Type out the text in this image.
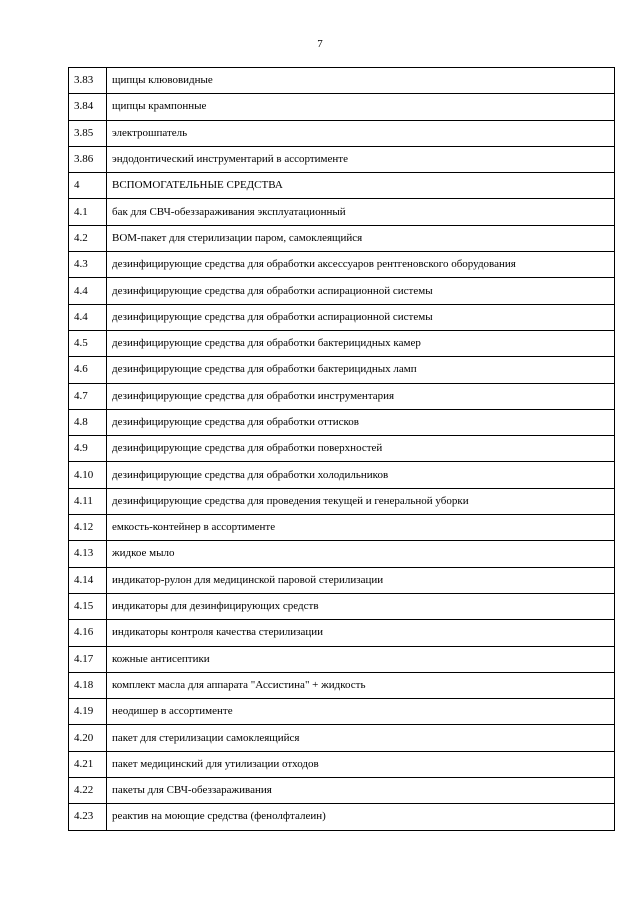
7
3.83	щипцы клювовидные
3.84	щипцы крампонные
3.85	электрошпатель
3.86	эндодонтический инструментарий в ассортименте
4	ВСПОМОГАТЕЛЬНЫЕ СРЕДСТВА
4.1	бак для СВЧ-обеззараживания эксплуатационный
4.2	ВОМ-пакет для стерилизации паром, самоклеящийся
4.3	дезинфицирующие средства для обработки аксессуаров рентгеновского оборудования
4.4	дезинфицирующие средства для обработки аспирационной системы
4.4	дезинфицирующие средства для обработки аспирационной системы
4.5	дезинфицирующие средства для обработки бактерицидных камер
4.6	дезинфицирующие средства для обработки бактерицидных ламп
4.7	дезинфицирующие средства для обработки инструментария
4.8	дезинфицирующие средства для обработки оттисков
4.9	дезинфицирующие средства для обработки поверхностей
4.10	дезинфицирующие средства для обработки холодильников
4.11	дезинфицирующие средства для проведения текущей и генеральной уборки
4.12	емкость-контейнер в ассортименте
4.13	жидкое мыло
4.14	индикатор-рулон для медицинской паровой стерилизации
4.15	индикаторы для дезинфицирующих средств
4.16	индикаторы контроля качества стерилизации
4.17	кожные антисептики
4.18	комплект масла для аппарата "Ассистина" + жидкость
4.19	неодишер в ассортименте
4.20	пакет для стерилизации самоклеящийся
4.21	пакет медицинский для утилизации отходов
4.22	пакеты для СВЧ-обеззараживания
4.23	реактив на моющие средства (фенолфталеин)
